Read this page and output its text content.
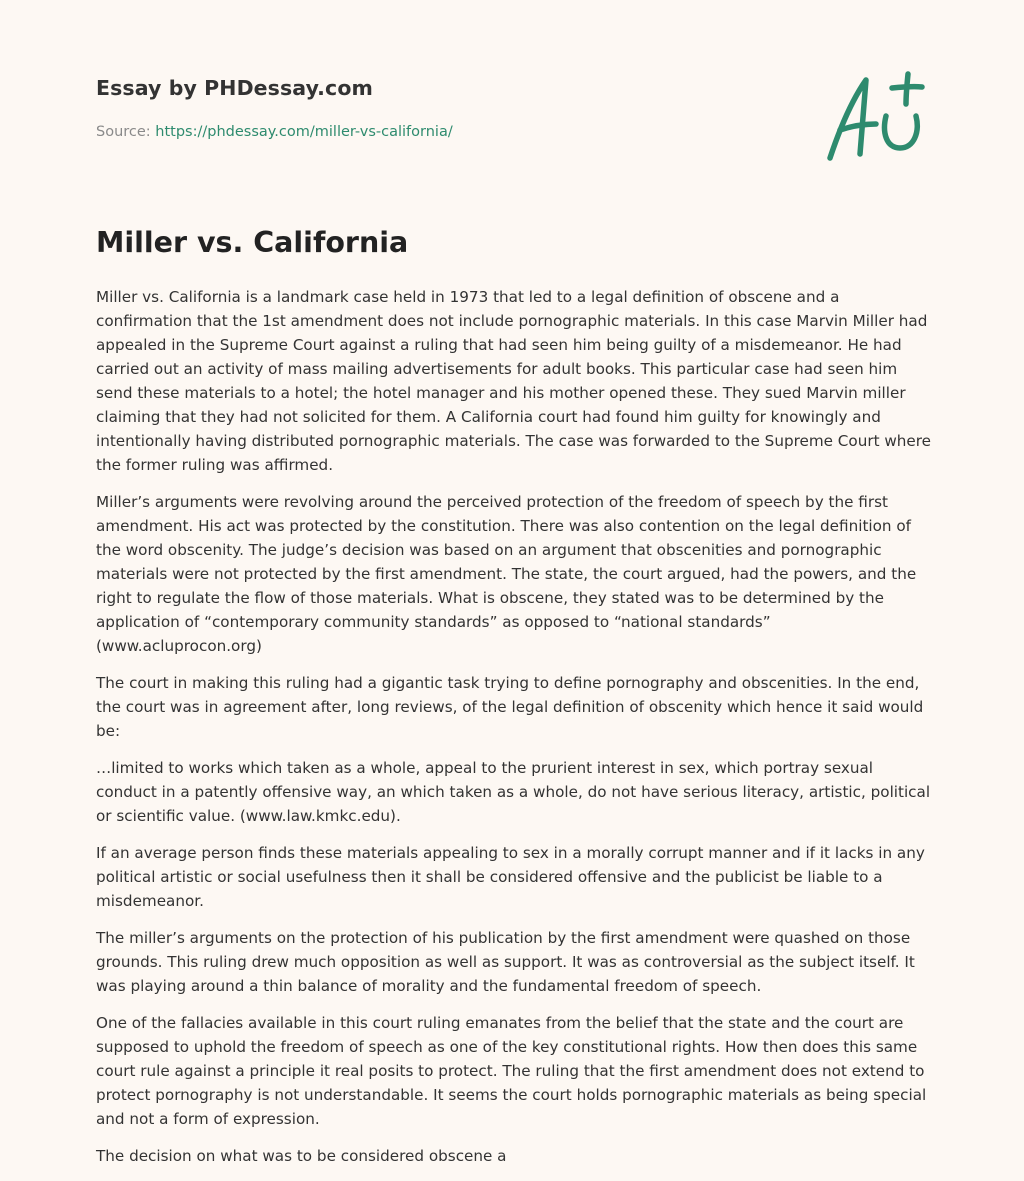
Essay by PHDessay.com
Source: https://phdessay.com/miller-vs-california/
Miller vs. California

Miller vs. California is a landmark case held in 1973 that led to a legal definition of obscene and a confirmation that the 1st amendment does not include pornographic materials. In this case Marvin Miller had appealed in the Supreme Court against a ruling that had seen him being guilty of a misdemeanor. He had carried out an activity of mass mailing advertisements for adult books. This particular case had seen him send these materials to a hotel; the hotel manager and his mother opened these. They sued Marvin miller claiming that they had not solicited for them. A California court had found him guilty for knowingly and intentionally having distributed pornographic materials. The case was forwarded to the Supreme Court where the former ruling was affirmed.

Miller’s arguments were revolving around the perceived protection of the freedom of speech by the first amendment. His act was protected by the constitution. There was also contention on the legal definition of the word obscenity. The judge’s decision was based on an argument that obscenities and pornographic materials were not protected by the first amendment. The state, the court argued, had the powers, and the right to regulate the flow of those materials. What is obscene, they stated was to be determined by the application of “contemporary community standards” as opposed to “national standards” (www.acluprocon.org)

The court in making this ruling had a gigantic task trying to define pornography and obscenities. In the end, the court was in agreement after, long reviews, of the legal definition of obscenity which hence it said would be:

…limited to works which taken as a whole, appeal to the prurient interest in sex, which portray sexual conduct in a patently offensive way, an which taken as a whole, do not have serious literacy, artistic, political or scientific value. (www.law.kmkc.edu).

If an average person finds these materials appealing to sex in a morally corrupt manner and if it lacks in any political artistic or social usefulness then it shall be considered offensive and the publicist be liable to a misdemeanor.

The miller’s arguments on the protection of his publication by the first amendment were quashed on those grounds. This ruling drew much opposition as well as support. It was as controversial as the subject itself. It was playing around a thin balance of morality and the fundamental freedom of speech.

One of the fallacies available in this court ruling emanates from the belief that the state and the court are supposed to uphold the freedom of speech as one of the key constitutional rights. How then does this same court rule against a principle it real posits to protect. The ruling that the first amendment does not extend to protect pornography is not understandable. It seems the court holds pornographic materials as being special and not a form of expression.

The decision on what was to be considered obscene a
